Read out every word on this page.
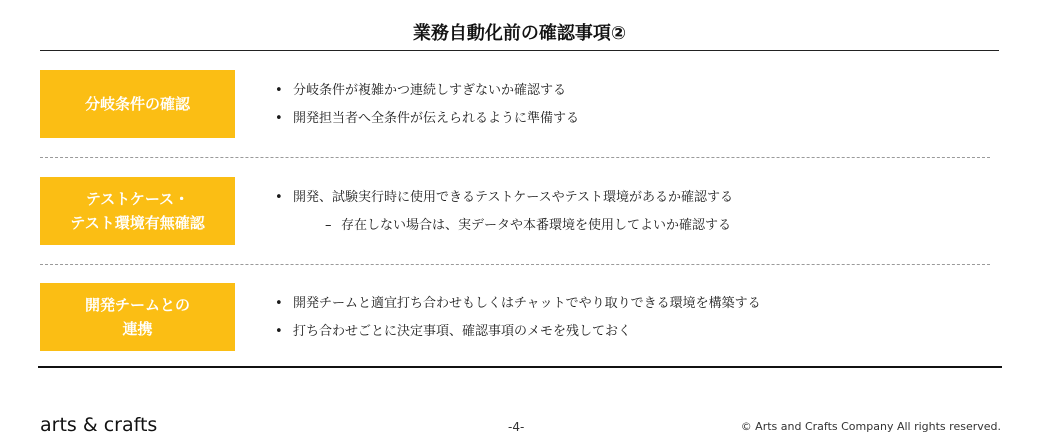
業務自動化前の確認事項②
分岐条件の確認
• 分岐条件が複雑かつ連続しすぎないか確認する
• 開発担当者へ全条件が伝えられるように準備する
テストケース・
テスト環境有無確認
• 開発、試験実行時に使用できるテストケースやテスト環境があるか確認する
– 存在しない場合は、実データや本番環境を使用してよいか確認する
開発チームとの
連携
• 開発チームと適宜打ち合わせもしくはチャットでやり取りできる環境を構築する
• 打ち合わせごとに決定事項、確認事項のメモを残しておく
arts & crafts	-4-	© Arts and Crafts Company All rights reserved.
